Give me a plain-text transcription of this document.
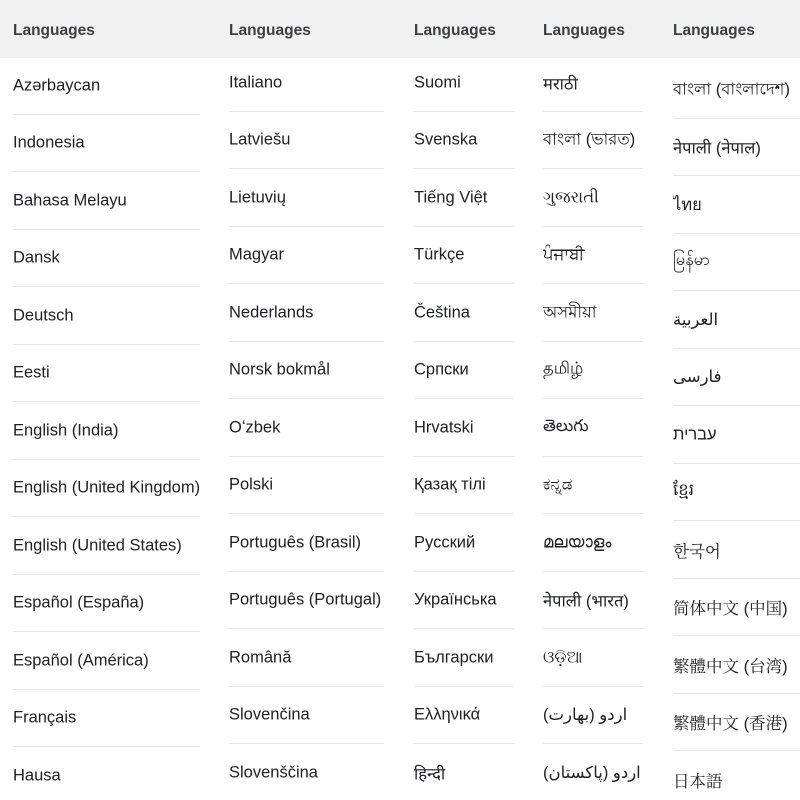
Languages
Azərbaycan
Indonesia
Bahasa Melayu
Dansk
Deutsch
Eesti
English (India)
English (United Kingdom)
English (United States)
Español (España)
Español (América)
Français
Hausa
Languages
Italiano
Latviešu
Lietuvių
Magyar
Nederlands
Norsk bokmål
Oʻzbek
Polski
Português (Brasil)
Português (Portugal)
Română
Slovenčina
Slovenščina
Languages
Suomi
Svenska
Tiếng Việt
Türkçe
Čeština
Српски
Hrvatski
Қазақ тілі
Русский
Українська
Български
Ελληνικά
हिन्दी
Languages
मराठी
বাংলা (ভারত)
ગુજરાતી
ਪੰਜਾਬੀ
অসমীয়া
தமிழ்
తెలుగు
ಕನ್ನಡ
മലയാളം
नेपाली (भारत)
ଓଡ଼ିଆ
اردو (بھارت)
اردو (پاکستان)
Languages
বাংলা (বাংলাদেশ)
नेपाली (नेपाल)
ไทย
မြန်မာ
العربية
فارسی
עברית
ខ្មែរ
한국어
简体中文 (中国)
繁體中文 (台湾)
繁體中文 (香港)
日本語
